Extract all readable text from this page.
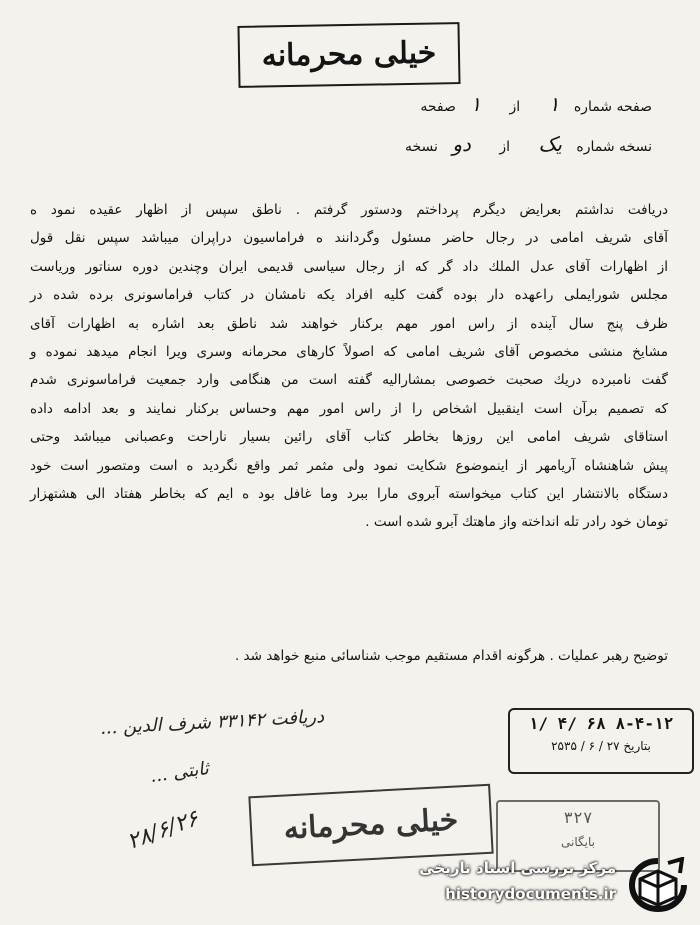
خیلی محرمانه
صفحه شماره ۱ از ۱ صفحه
نسخه شماره یک از دو نسخه
دریافت نداشتم بعرایض دیگرم پرداختم ودستور گرفتم . ناطق سپس از اظهار عقیده نمود ه
آقای شریف امامی در رجال حاضر مسئول وگردانند ه فراماسیون دراپران میباشد سپس نقل قول
از اظهارات آقای عدل الملك داد گر که از رجال سیاسی قدیمی ایران وچندین دوره سناتور وریاست
مجلس شورایملی راعهده دار بوده گفت کلیه افراد یکه نامشان در کتاب فراماسونری برده شده در
ظرف پنج سال آینده از راس امور مهم برکنار خواهند شد ناطق بعد اشاره به اظهارات آقای
مشایخ منشی مخصوص آقای شریف امامی که اصولاً کارهای محرمانه وسری ویرا انجام میدهد نموده و
گفت نامبرده دریك صحبت خصوصی بمشارالیه گفته است من هنگامی وارد جمعیت فراماسونری شدم
که تصمیم برآن است اینقبیل اشخاص را از راس امور مهم وحساس برکنار نمایند و بعد ادامه داده
استاقای شریف امامی این روزها بخاطر کتاب آقای رائین بسیار ناراحت وعصبانی میباشد وحتی
پیش شاهنشاه آریامهر از اینموضوع شکایت نمود ولی مثمر ثمر واقع نگردید ه است ومتصور است خود
دستگاه بالانتشار این کتاب میخواسته آبروی مارا ببرد وما غافل بود ه ایم که بخاطر هفتاد الی هشتهزار
تومان خود رادر تله انداخته واز ماهتك آبرو شده است .
توضیح رهبر عملیات . هرگونه اقدام مستقیم موجب شناسائی منبع خواهد شد .
دریافت ۳۳۱۴۲ شرف الدین ...
ثابتی ...
۲۸/۶/۲۶
۸-۴-۱۲ ۶۸ /۴ /۱
بتاریخ ۲۷ / ۶ / ۲۵۳۵
خیلی محرمانه	۳۲۷
بایگانی
مرکز بررسی اسناد تاریخی
historydocuments.ir
